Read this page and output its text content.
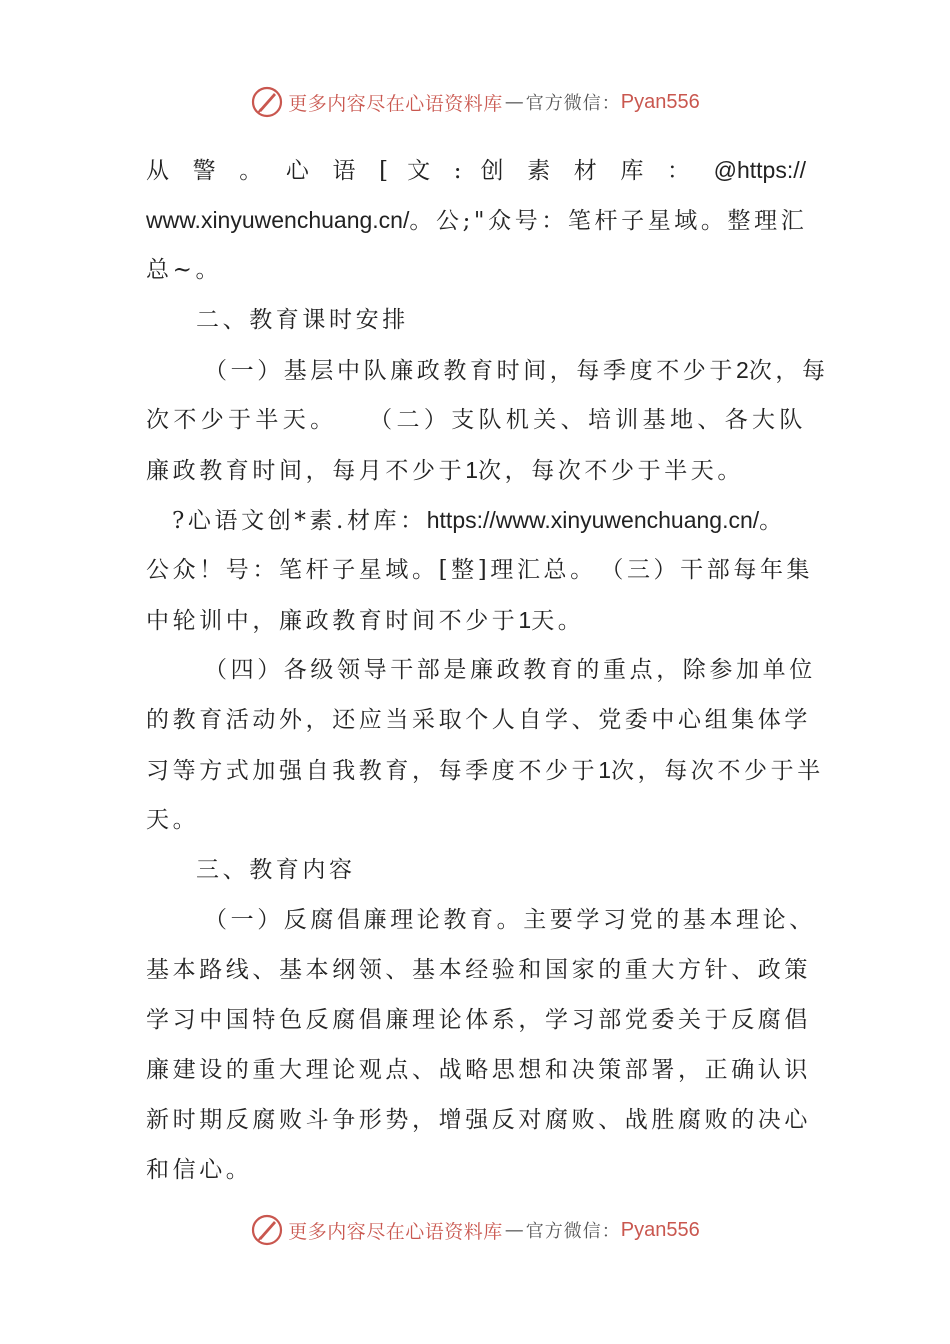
更多内容尽在心语资料库 — 官方微信： Pyan556
从 警 。 心 语 [ 文 : 创 素 材 库 ： @https://
www.xinyuwenchuang.cn/。公;"众号：笔杆子星域。整理汇
总~。
二、教育课时安排
（一）基层中队廉政教育时间，每季度不少于2次，每
次不少于半天。　　（二）支队机关、培训基地、各大队
廉政教育时间，每月不少于1次，每次不少于半天。
?心语文创*素.材库：https://www.xinyuwenchuang.cn/。
公众！号：笔杆子星域。[整]理汇总。　（三）干部每年集
中轮训中，廉政教育时间不少于1天。
（四）各级领导干部是廉政教育的重点，除参加单位
的教育活动外，还应当采取个人自学、党委中心组集体学
习等方式加强自我教育，每季度不少于1次，每次不少于半
天。
三、教育内容
（一）反腐倡廉理论教育。主要学习党的基本理论、
基本路线、基本纲领、基本经验和国家的重大方针、政策
学习中国特色反腐倡廉理论体系，学习部党委关于反腐倡
廉建设的重大理论观点、战略思想和决策部署，正确认识
新时期反腐败斗争形势，增强反对腐败、战胜腐败的决心
和信心。
更多内容尽在心语资料库 — 官方微信： Pyan556
